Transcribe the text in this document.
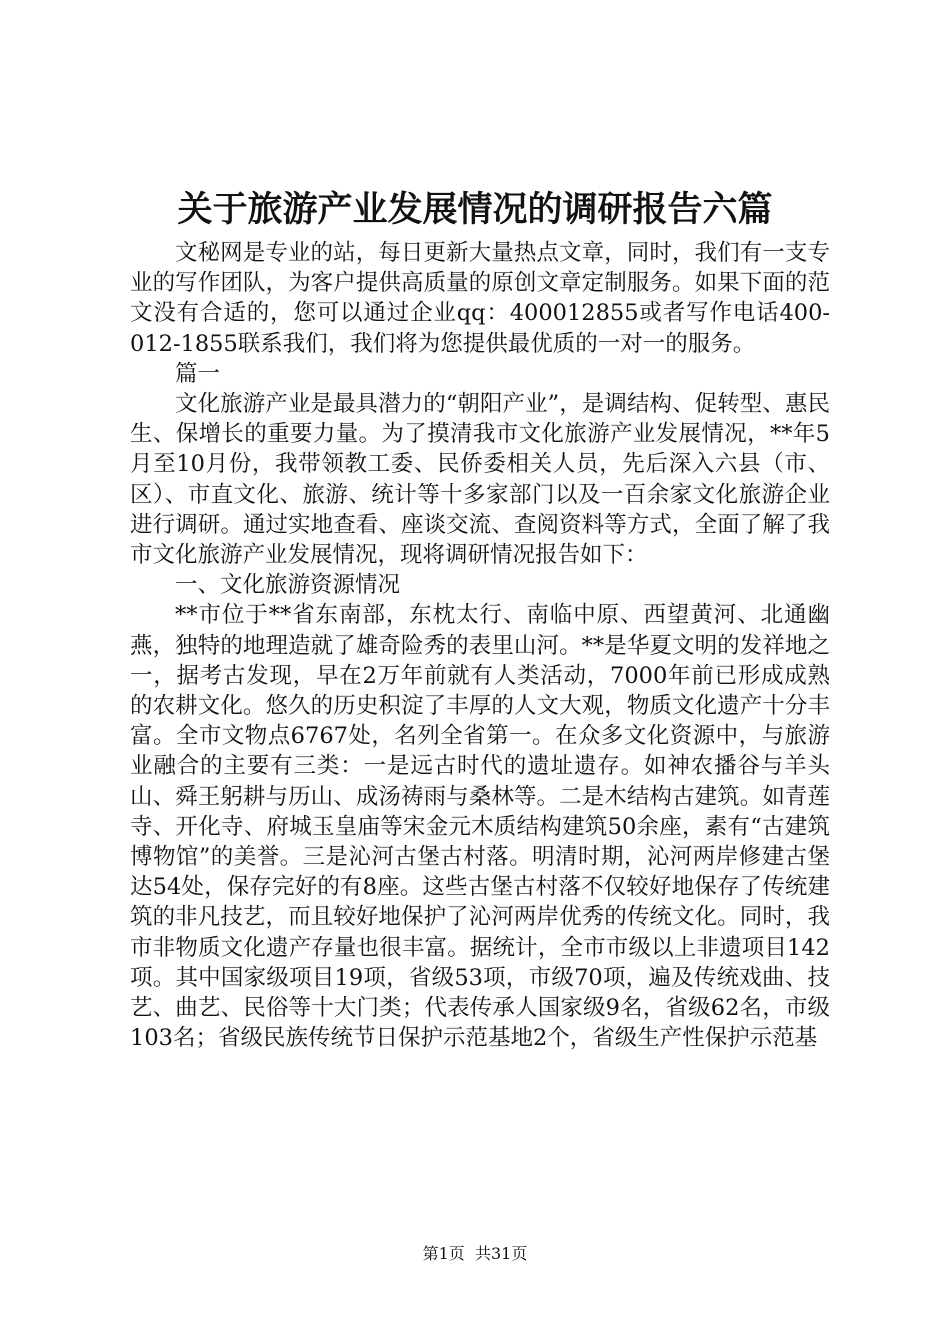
关于旅游产业发展情况的调研报告六篇

文秘网是专业的站，每日更新大量热点文章，同时，我们有一支专业的写作团队，为客户提供高质量的原创文章定制服务。如果下面的范文没有合适的，您可以通过企业qq：400012855或者写作电话400-012-1855联系我们，我们将为您提供最优质的一对一的服务。

篇一

文化旅游产业是最具潜力的“朝阳产业”，是调结构、促转型、惠民生、保增长的重要力量。为了摸清我市文化旅游产业发展情况，**年5月至10月份，我带领教工委、民侨委相关人员，先后深入六县（市、区）、市直文化、旅游、统计等十多家部门以及一百余家文化旅游企业进行调研。通过实地查看、座谈交流、查阅资料等方式，全面了解了我市文化旅游产业发展情况，现将调研情况报告如下：

一、文化旅游资源情况

**市位于**省东南部，东枕太行、南临中原、西望黄河、北通幽燕，独特的地理造就了雄奇险秀的表里山河。**是华夏文明的发祥地之一，据考古发现，早在2万年前就有人类活动，7000年前已形成成熟的农耕文化。悠久的历史积淀了丰厚的人文大观，物质文化遗产十分丰富。全市文物点6767处，名列全省第一。在众多文化资源中，与旅游业融合的主要有三类：一是远古时代的遗址遗存。如神农播谷与羊头山、舜王躬耕与历山、成汤祷雨与桑林等。二是木结构古建筑。如青莲寺、开化寺、府城玉皇庙等宋金元木质结构建筑50余座，素有“古建筑博物馆”的美誉。三是沁河古堡古村落。明清时期，沁河两岸修建古堡达54处，保存完好的有8座。这些古堡古村落不仅较好地保存了传统建筑的非凡技艺，而且较好地保护了沁河两岸优秀的传统文化。同时，我市非物质文化遗产存量也很丰富。据统计，全市市级以上非遗项目142项。其中国家级项目19项，省级53项，市级70项，遍及传统戏曲、技艺、曲艺、民俗等十大门类；代表传承人国家级9名，省级62名，市级103名；省级民族传统节日保护示范基地2个，省级生产性保护示范基

第1页 共31页
